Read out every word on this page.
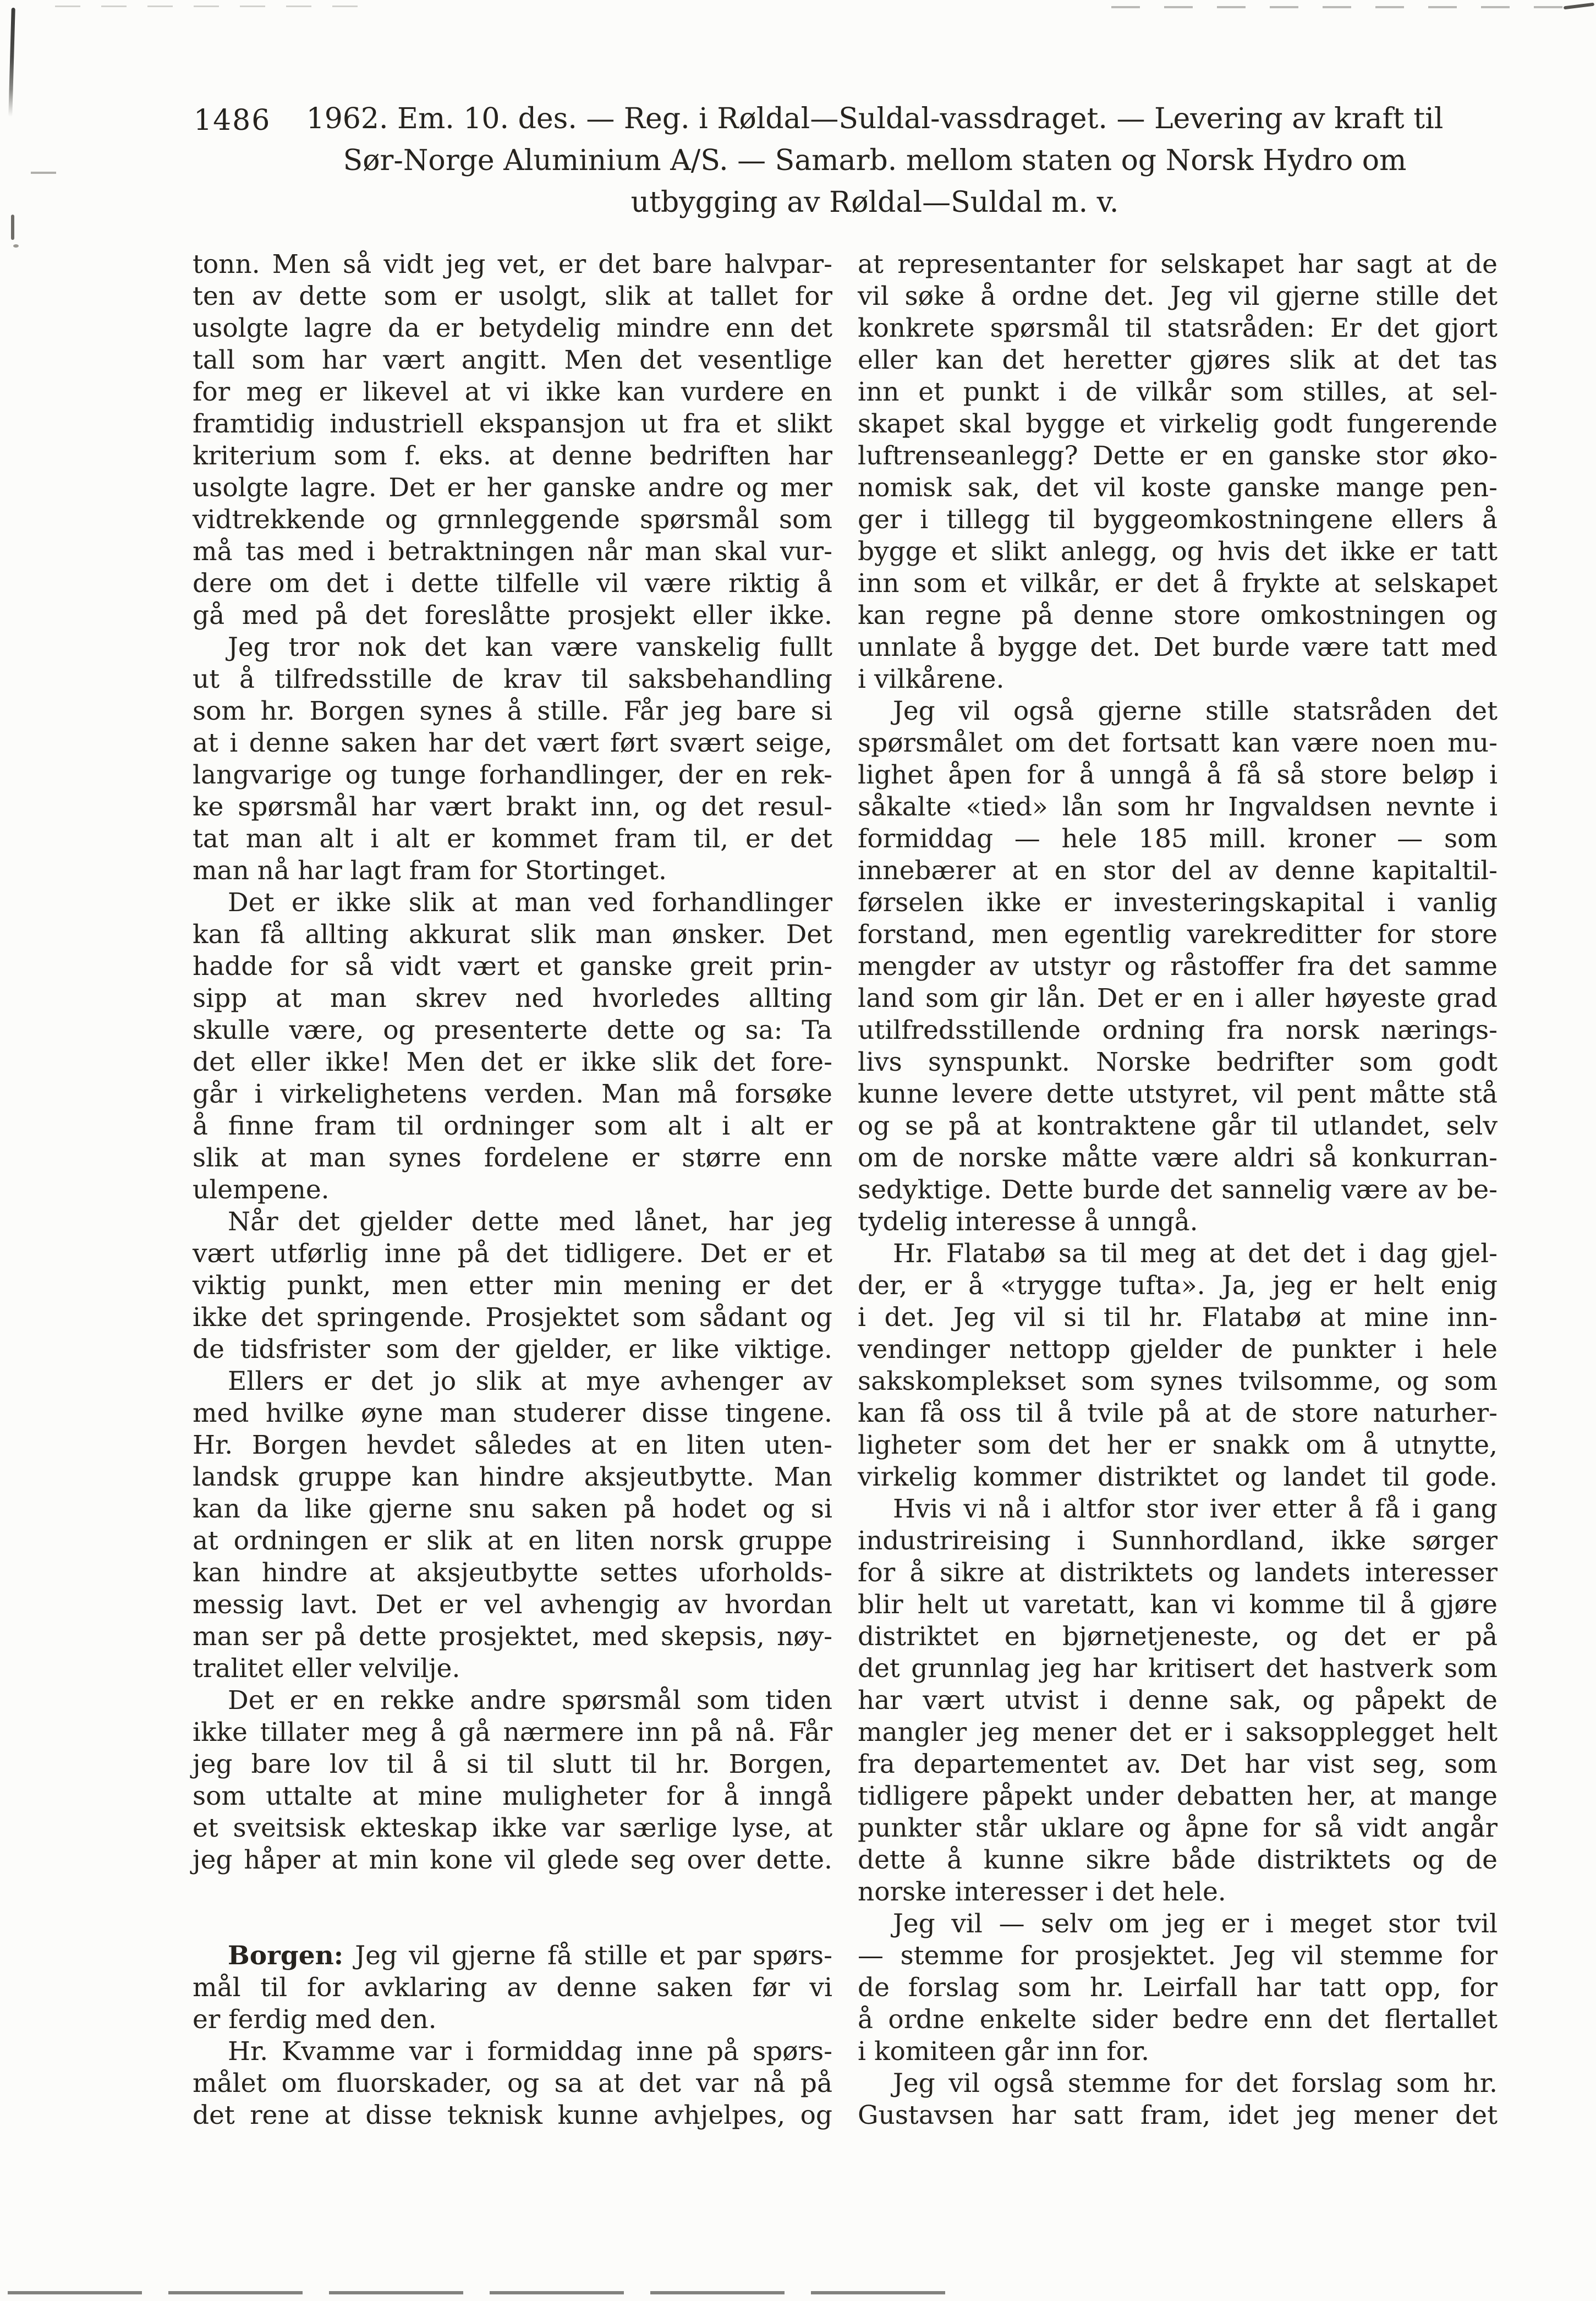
1486	1962. Em. 10. des. — Reg. i Røldal—Suldal-vassdraget. — Levering av kraft til
Sør-Norge Aluminium A/S. — Samarb. mellom staten og Norsk Hydro om
utbygging av Røldal—Suldal m. v.
tonn. Men så vidt jeg vet, er det bare halvpar-
ten av dette som er usolgt, slik at tallet for
usolgte lagre da er betydelig mindre enn det
tall som har vært angitt. Men det vesentlige
for meg er likevel at vi ikke kan vurdere en
framtidig industriell ekspansjon ut fra et slikt
kriterium som f. eks. at denne bedriften har
usolgte lagre. Det er her ganske andre og mer
vidtrekkende og grnnleggende spørsmål som
må tas med i betraktningen når man skal vur-
dere om det i dette tilfelle vil være riktig å
gå med på det foreslåtte prosjekt eller ikke.
Jeg tror nok det kan være vanskelig fullt
ut å tilfredsstille de krav til saksbehandling
som hr. Borgen synes å stille. Får jeg bare si
at i denne saken har det vært ført svært seige,
langvarige og tunge forhandlinger, der en rek-
ke spørsmål har vært brakt inn, og det resul-
tat man alt i alt er kommet fram til, er det
man nå har lagt fram for Stortinget.
Det er ikke slik at man ved forhandlinger
kan få allting akkurat slik man ønsker. Det
hadde for så vidt vært et ganske greit prin-
sipp at man skrev ned hvorledes allting
skulle være, og presenterte dette og sa: Ta
det eller ikke! Men det er ikke slik det fore-
går i virkelighetens verden. Man må forsøke
å finne fram til ordninger som alt i alt er
slik at man synes fordelene er større enn
ulempene.
Når det gjelder dette med lånet, har jeg
vært utførlig inne på det tidligere. Det er et
viktig punkt, men etter min mening er det
ikke det springende. Prosjektet som sådant og
de tidsfrister som der gjelder, er like viktige.
Ellers er det jo slik at mye avhenger av
med hvilke øyne man studerer disse tingene.
Hr. Borgen hevdet således at en liten uten-
landsk gruppe kan hindre aksjeutbytte. Man
kan da like gjerne snu saken på hodet og si
at ordningen er slik at en liten norsk gruppe
kan hindre at aksjeutbytte settes uforholds-
messig lavt. Det er vel avhengig av hvordan
man ser på dette prosjektet, med skepsis, nøy-
tralitet eller velvilje.
Det er en rekke andre spørsmål som tiden
ikke tillater meg å gå nærmere inn på nå. Får
jeg bare lov til å si til slutt til hr. Borgen,
som uttalte at mine muligheter for å inngå
et sveitsisk ekteskap ikke var særlige lyse, at
jeg håper at min kone vil glede seg over dette.
Borgen: Jeg vil gjerne få stille et par spørs-
mål til for avklaring av denne saken før vi
er ferdig med den.
Hr. Kvamme var i formiddag inne på spørs-
målet om fluorskader, og sa at det var nå på
det rene at disse teknisk kunne avhjelpes, og
at representanter for selskapet har sagt at de
vil søke å ordne det. Jeg vil gjerne stille det
konkrete spørsmål til statsråden: Er det gjort
eller kan det heretter gjøres slik at det tas
inn et punkt i de vilkår som stilles, at sel-
skapet skal bygge et virkelig godt fungerende
luftrenseanlegg? Dette er en ganske stor øko-
nomisk sak, det vil koste ganske mange pen-
ger i tillegg til byggeomkostningene ellers å
bygge et slikt anlegg, og hvis det ikke er tatt
inn som et vilkår, er det å frykte at selskapet
kan regne på denne store omkostningen og
unnlate å bygge det. Det burde være tatt med
i vilkårene.
Jeg vil også gjerne stille statsråden det
spørsmålet om det fortsatt kan være noen mu-
lighet åpen for å unngå å få så store beløp i
såkalte «tied» lån som hr Ingvaldsen nevnte i
formiddag — hele 185 mill. kroner — som
innebærer at en stor del av denne kapitaltil-
førselen ikke er investeringskapital i vanlig
forstand, men egentlig varekreditter for store
mengder av utstyr og råstoffer fra det samme
land som gir lån. Det er en i aller høyeste grad
utilfredsstillende ordning fra norsk nærings-
livs synspunkt. Norske bedrifter som godt
kunne levere dette utstyret, vil pent måtte stå
og se på at kontraktene går til utlandet, selv
om de norske måtte være aldri så konkurran-
sedyktige. Dette burde det sannelig være av be-
tydelig interesse å unngå.
Hr. Flatabø sa til meg at det det i dag gjel-
der, er å «trygge tufta». Ja, jeg er helt enig
i det. Jeg vil si til hr. Flatabø at mine inn-
vendinger nettopp gjelder de punkter i hele
sakskomplekset som synes tvilsomme, og som
kan få oss til å tvile på at de store naturher-
ligheter som det her er snakk om å utnytte,
virkelig kommer distriktet og landet til gode.
Hvis vi nå i altfor stor iver etter å få i gang
industrireising i Sunnhordland, ikke sørger
for å sikre at distriktets og landets interesser
blir helt ut varetatt, kan vi komme til å gjøre
distriktet en bjørnetjeneste, og det er på
det grunnlag jeg har kritisert det hastverk som
har vært utvist i denne sak, og påpekt de
mangler jeg mener det er i saksopplegget helt
fra departementet av. Det har vist seg, som
tidligere påpekt under debatten her, at mange
punkter står uklare og åpne for så vidt angår
dette å kunne sikre både distriktets og de
norske interesser i det hele.
Jeg vil — selv om jeg er i meget stor tvil
— stemme for prosjektet. Jeg vil stemme for
de forslag som hr. Leirfall har tatt opp, for
å ordne enkelte sider bedre enn det flertallet
i komiteen går inn for.
Jeg vil også stemme for det forslag som hr.
Gustavsen har satt fram, idet jeg mener det
